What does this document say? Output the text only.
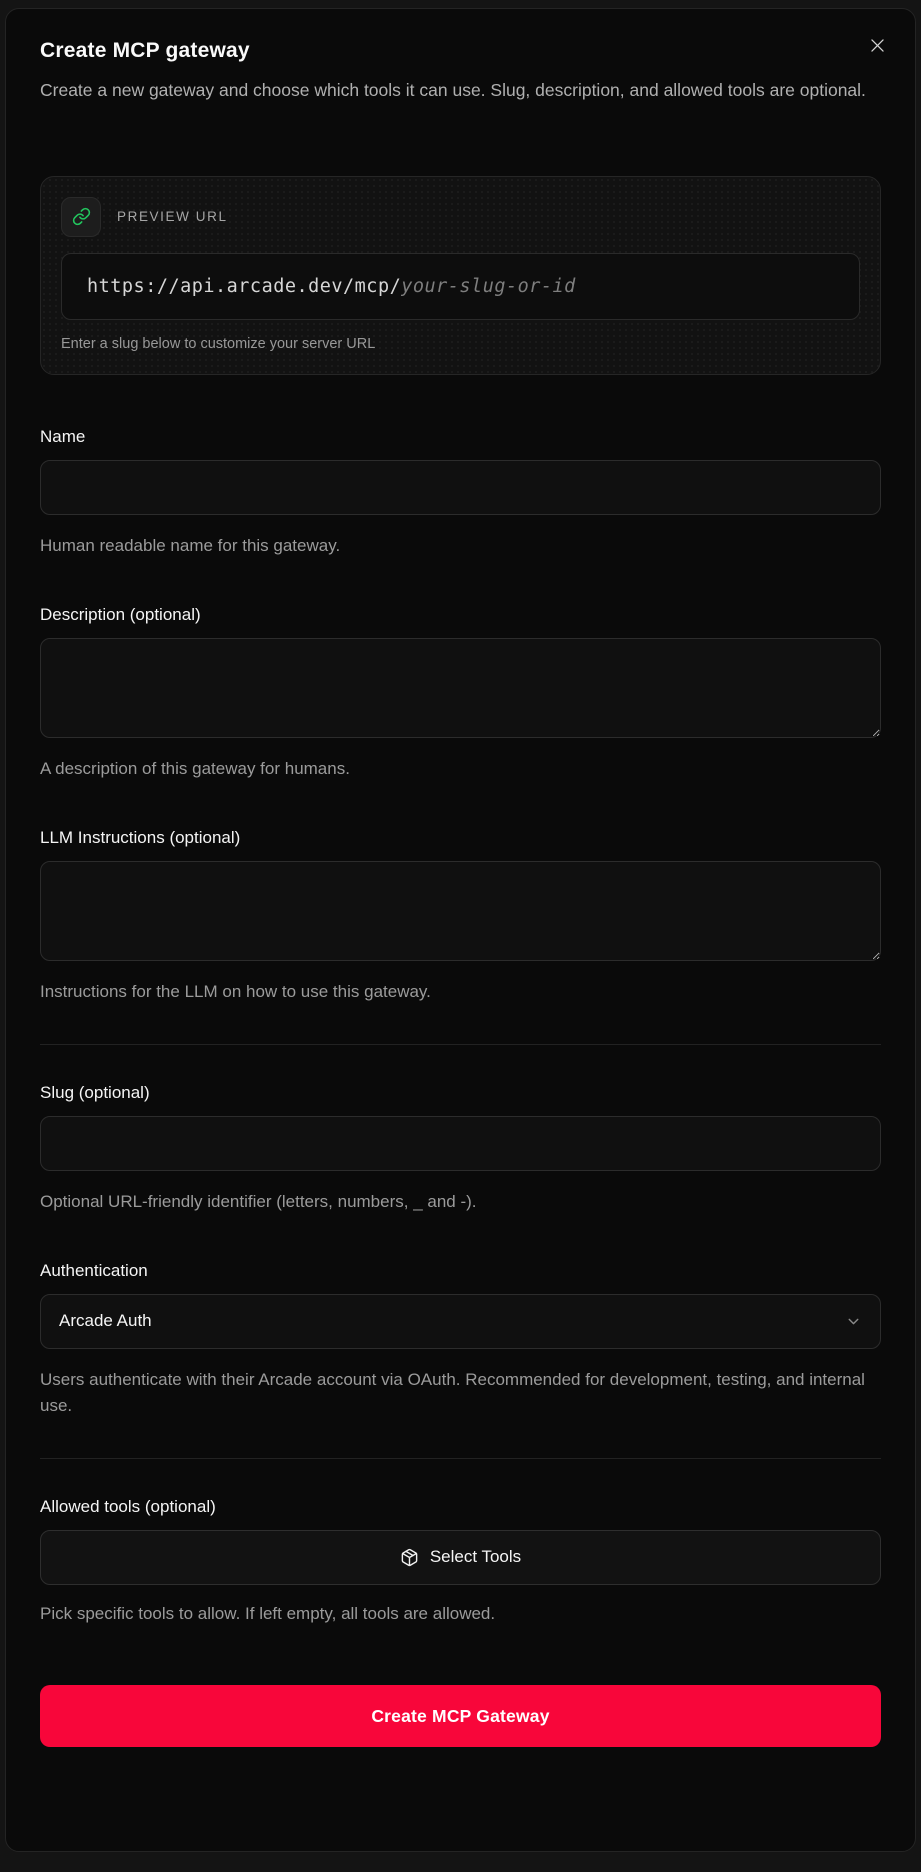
Create MCP gateway

Create a new gateway and choose which tools it can use. Slug, description, and allowed tools are optional.

PREVIEW URL
https://api.arcade.dev/mcp/your-slug-or-id
Enter a slug below to customize your server URL
Name
Human readable name for this gateway.
Description (optional)
A description of this gateway for humans.
LLM Instructions (optional)
Instructions for the LLM on how to use this gateway.
Slug (optional)
Optional URL-friendly identifier (letters, numbers, _ and -).
Authentication
Arcade Auth
Users authenticate with their Arcade account via OAuth. Recommended for development, testing, and internal use.
Allowed tools (optional)
Select Tools
Pick specific tools to allow. If left empty, all tools are allowed.
Create MCP Gateway
